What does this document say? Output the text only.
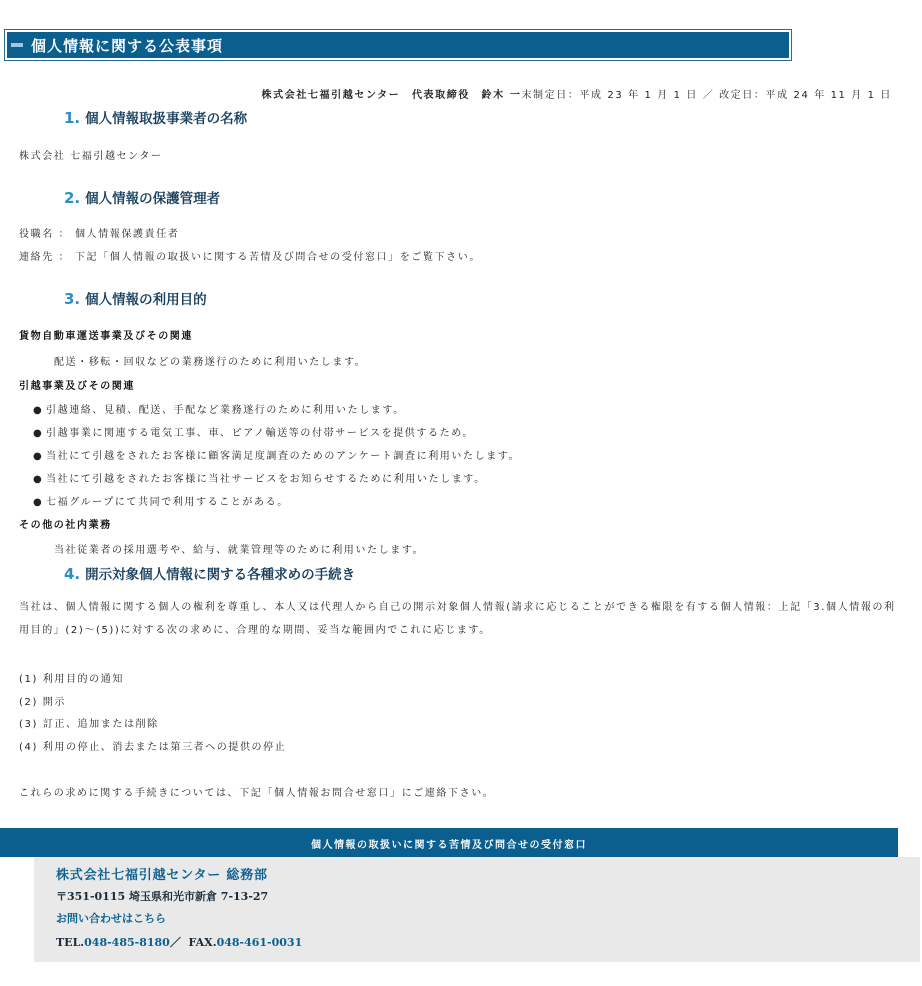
個人情報に関する公表事項
株式会社七福引越センター　代表取締役　鈴木 一末制定日：平成 23 年 1 月 1 日 ／ 改定日：平成 24 年 11 月 1 日
1. 個人情報取扱事業者の名称
株式会社 七福引越センター
2. 個人情報の保護管理者
役職名 ： 個人情報保護責任者
連絡先 ： 下記「個人情報の取扱いに関する苦情及び問合せの受付窓口」をご覧下さい。
3. 個人情報の利用目的
貨物自動車運送事業及びその関連
配送・移転・回収などの業務遂行のために利用いたします。
引越事業及びその関連
● 引越連絡、見積、配送、手配など業務遂行のために利用いたします。
● 引越事業に関連する電気工事、車、ピアノ輸送等の付帯サービスを提供するため。
● 当社にて引越をされたお客様に顧客満足度調査のためのアンケート調査に利用いたします。
● 当社にて引越をされたお客様に当社サービスをお知らせするために利用いたします。
● 七福グループにて共同で利用することがある。
その他の社内業務
当社従業者の採用選考や、給与、就業管理等のために利用いたします。
4. 開示対象個人情報に関する各種求めの手続き
当社は、個人情報に関する個人の権利を尊重し、本人又は代理人から自己の開示対象個人情報(請求に応じることができる権限を有する個人情報：上記「3.個人情報の利用目的」(2)～(5))に対する次の求めに、合理的な期間、妥当な範囲内でこれに応じます。
(1) 利用目的の通知
(2) 開示
(3) 訂正、追加または削除
(4) 利用の停止、消去または第三者への提供の停止
これらの求めに関する手続きについては、下記「個人情報お問合せ窓口」にご連絡下さい。
個人情報の取扱いに関する苦情及び問合せの受付窓口
株式会社七福引越センター 総務部
〒351-0115 埼玉県和光市新倉 7-13-27
お問い合わせはこちら
TEL.048-485-8180／ FAX.048-461-0031
